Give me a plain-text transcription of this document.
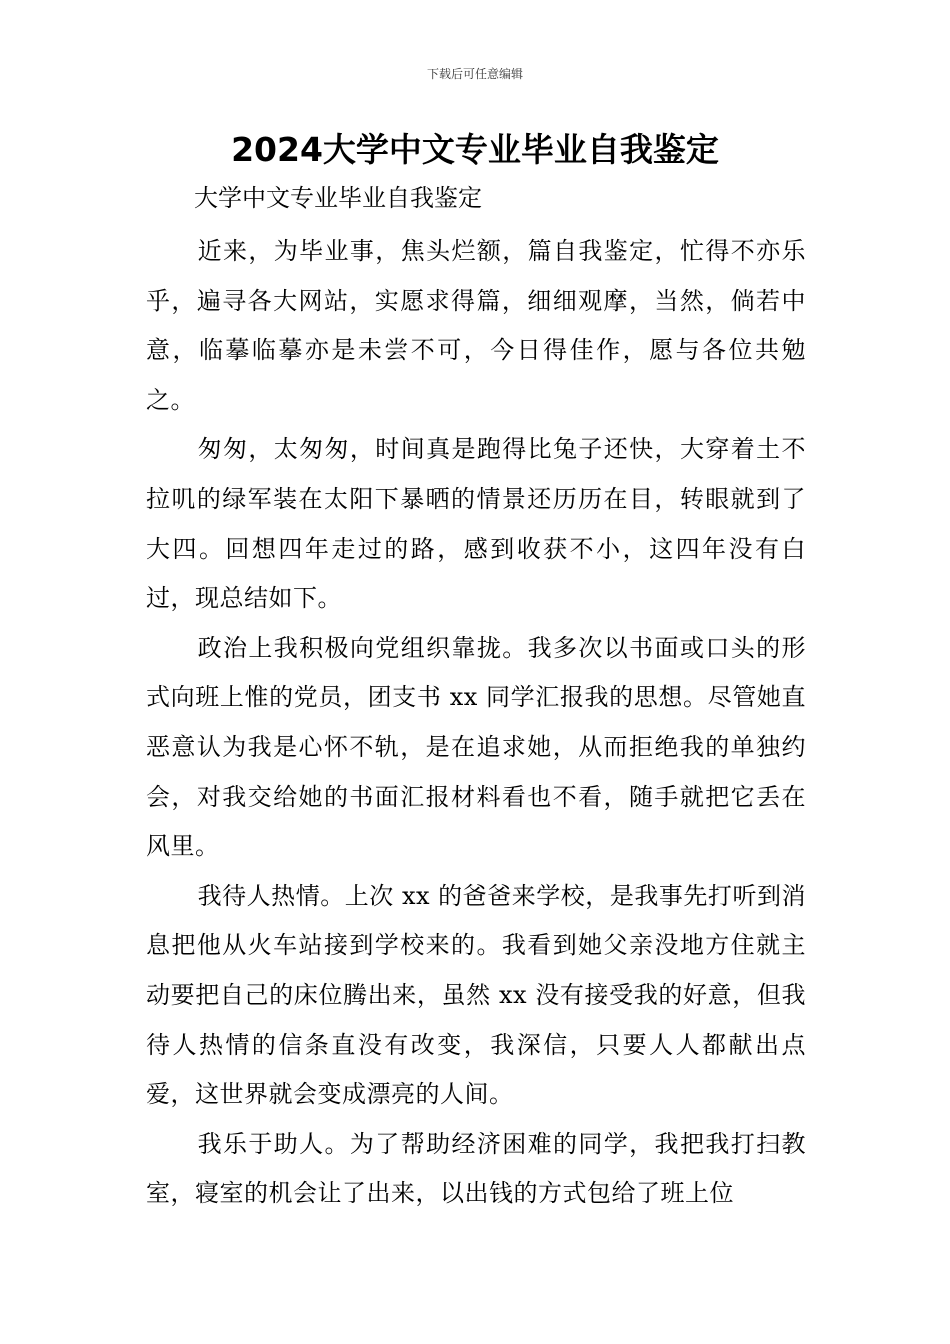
下载后可任意编辑
2024大学中文专业毕业自我鉴定

大学中文专业毕业自我鉴定

近来，为毕业事，焦头烂额，篇自我鉴定，忙得不亦乐乎，遍寻各大网站，实愿求得篇，细细观摩，当然，倘若中意，临摹临摹亦是未尝不可，今日得佳作，愿与各位共勉之。

匆匆，太匆匆，时间真是跑得比兔子还快，大穿着土不拉叽的绿军装在太阳下暴晒的情景还历历在目，转眼就到了大四。回想四年走过的路，感到收获不小，这四年没有白过，现总结如下。

政治上我积极向党组织靠拢。我多次以书面或口头的形式向班上惟的党员，团支书 xx 同学汇报我的思想。尽管她直恶意认为我是心怀不轨，是在追求她，从而拒绝我的单独约会，对我交给她的书面汇报材料看也不看，随手就把它丢在风里。

我待人热情。上次 xx 的爸爸来学校，是我事先打听到消息把他从火车站接到学校来的。我看到她父亲没地方住就主动要把自己的床位腾出来，虽然 xx 没有接受我的好意，但我待人热情的信条直没有改变，我深信，只要人人都献出点爱，这世界就会变成漂亮的人间。

我乐于助人。为了帮助经济困难的同学，我把我打扫教室，寝室的机会让了出来，以出钱的方式包给了班上位
